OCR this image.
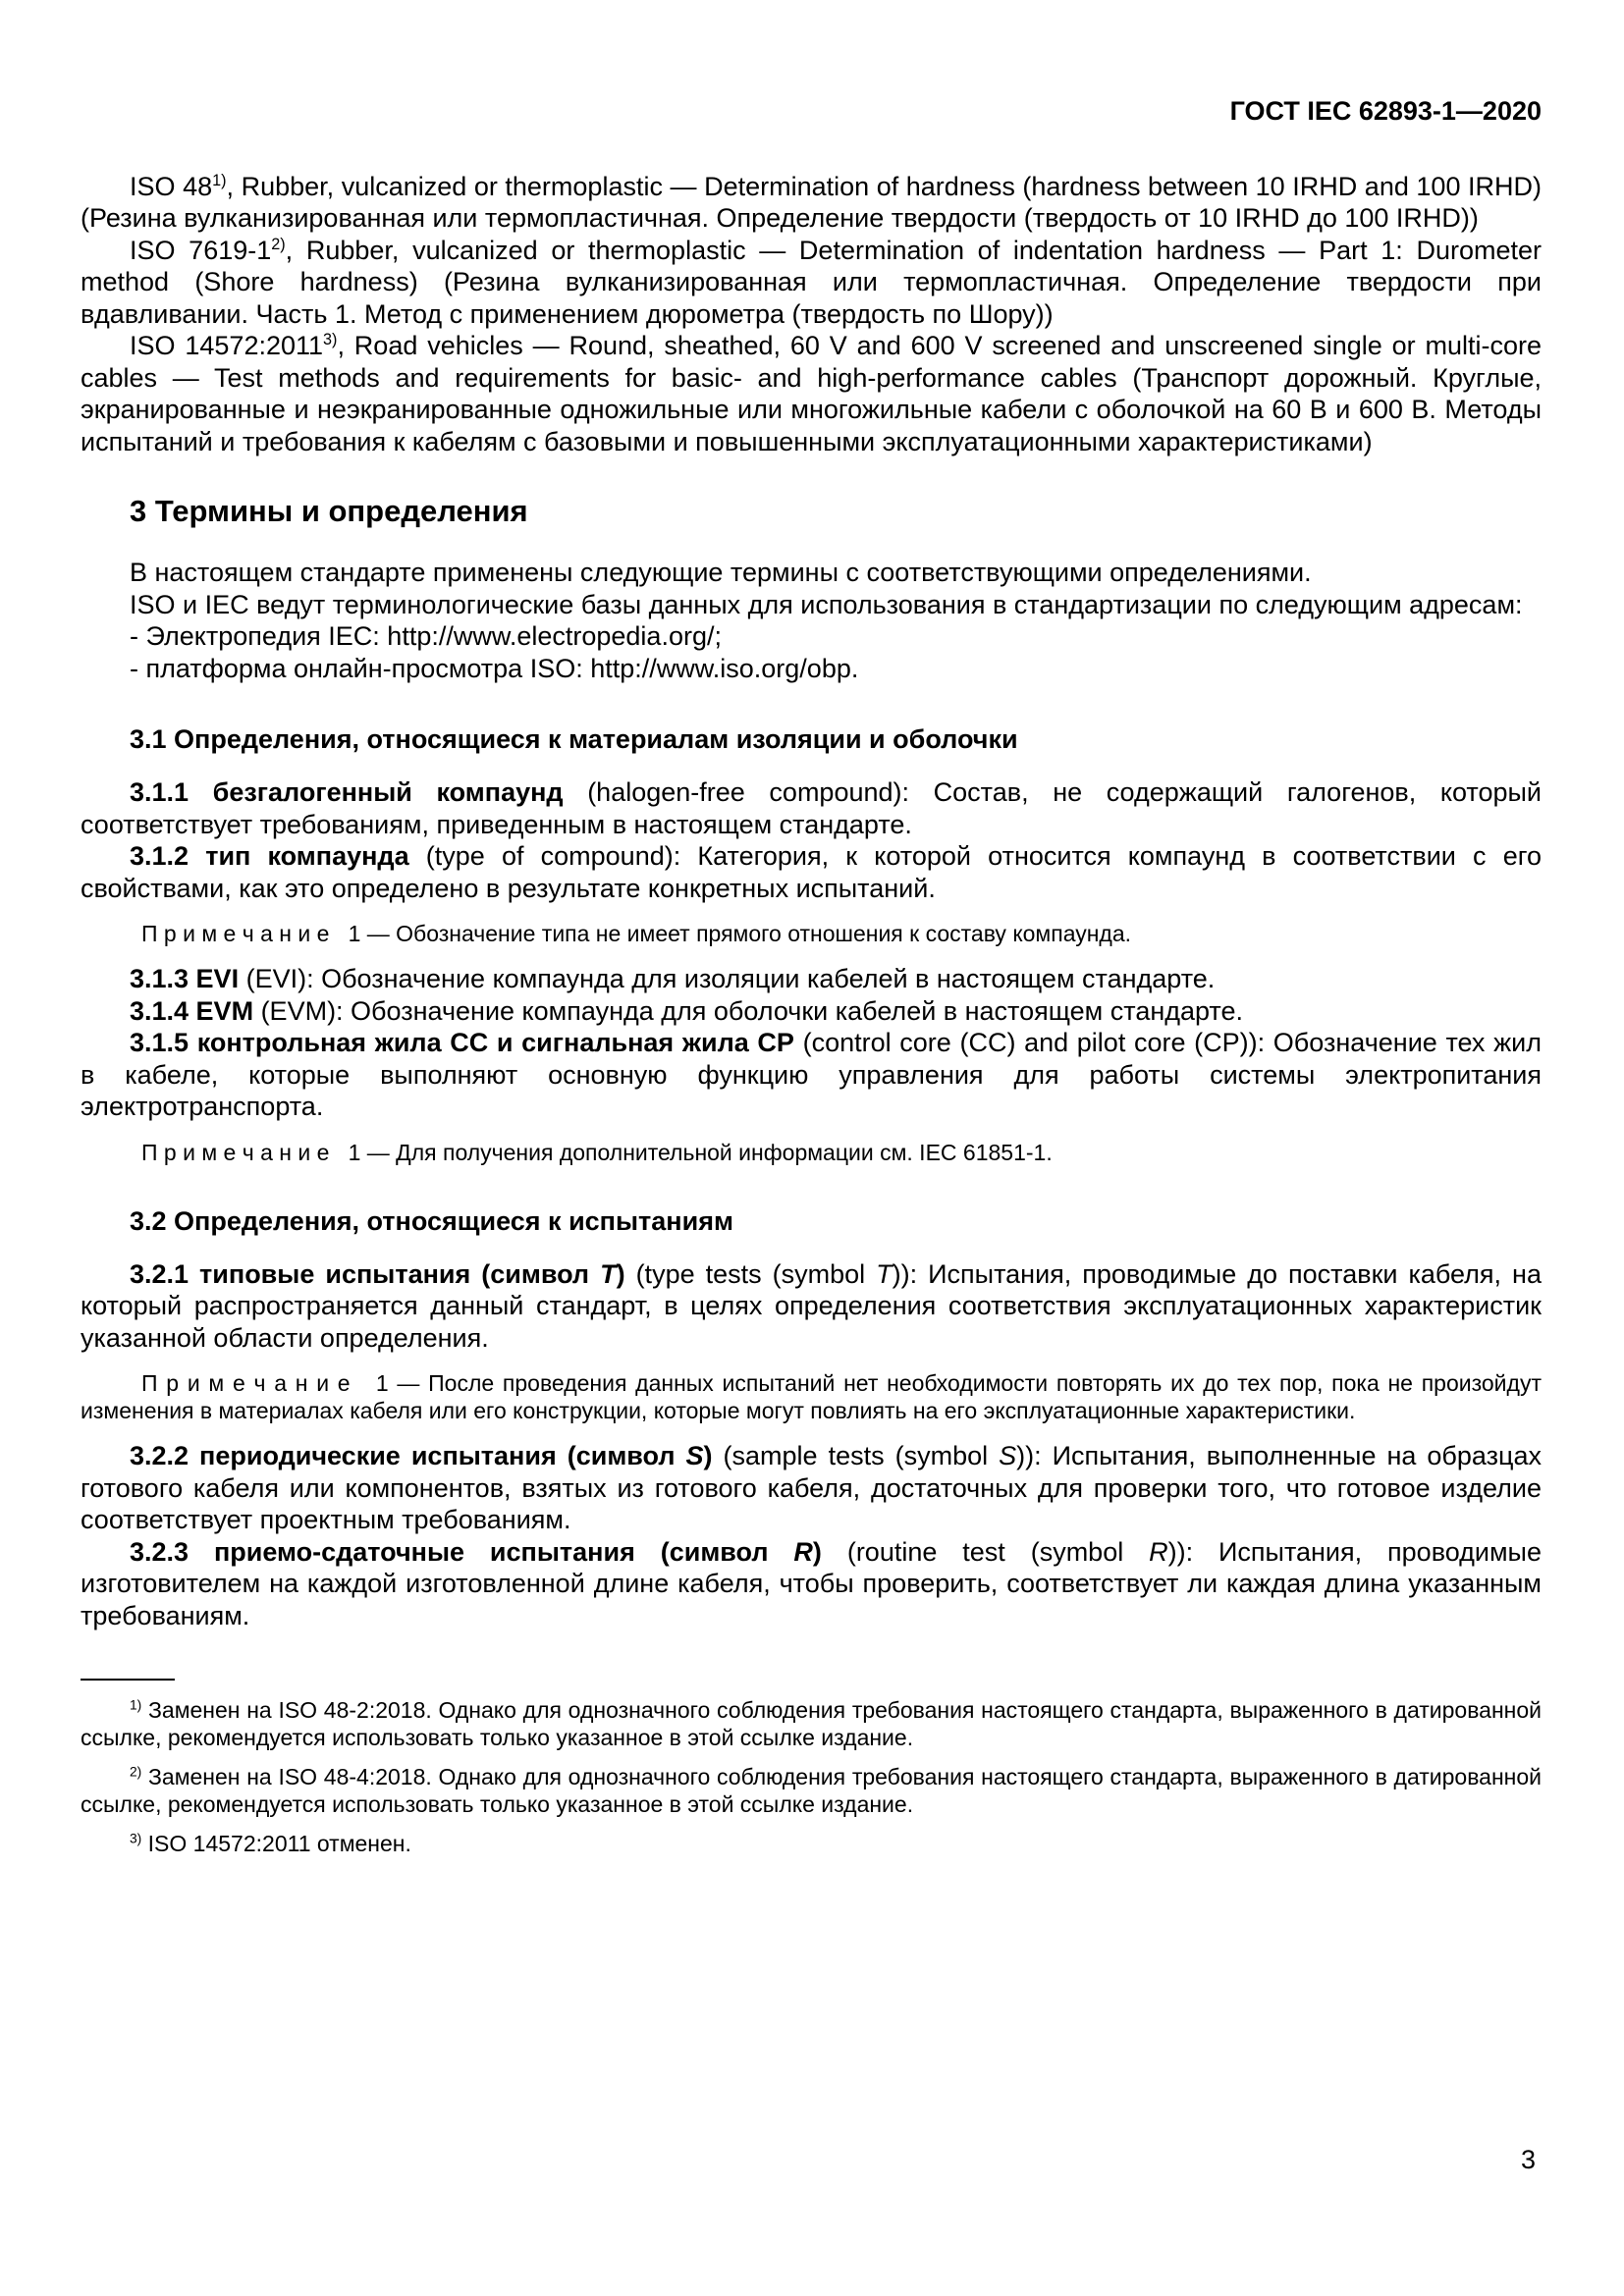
ГОСТ IEC 62893-1—2020

ISO 48$^{1)}$, Rubber, vulcanized or thermoplastic — Determination of hardness (hardness between 10 IRHD and 100 IRHD) (Резина вулканизированная или термопластичная. Определение твердости (твердость от 10 IRHD до 100 IRHD))

ISO 7619-1$^{2)}$, Rubber, vulcanized or thermoplastic — Determination of indentation hardness — Part 1: Durometer method (Shore hardness) (Резина вулканизированная или термопластичная. Определение твердости при вдавливании. Часть 1. Метод с применением дюрометра (твердость по Шору))

ISO 14572:2011$^{3)}$, Road vehicles — Round, sheathed, 60 V and 600 V screened and unscreened single or multi-core cables — Test methods and requirements for basic- and high-performance cables (Транспорт дорожный. Круглые, экранированные и неэкранированные одножильные или многожильные кабели с оболочкой на 60 В и 600 В. Методы испытаний и требования к кабелям с базовыми и повышенными эксплуатационными характеристиками)

3 Термины и определения

В настоящем стандарте применены следующие термины с соответствующими определениями.

ISO и IEC ведут терминологические базы данных для использования в стандартизации по следующим адресам:

- Электропедия IEC: http://www.electropedia.org/;

- платформа онлайн-просмотра ISO: http://www.iso.org/obp.

3.1 Определения, относящиеся к материалам изоляции и оболочки

3.1.1 безгалогенный компаунд (halogen-free compound): Состав, не содержащий галогенов, который соответствует требованиям, приведенным в настоящем стандарте.

3.1.2 тип компаунда (type of compound): Категория, к которой относится компаунд в соответствии с его свойствами, как это определено в результате конкретных испытаний.

П р и м е ч а н и е   1 — Обозначение типа не имеет прямого отношения к составу компаунда.

3.1.3 EVI (EVI): Обозначение компаунда для изоляции кабелей в настоящем стандарте.

3.1.4 EVM (EVM): Обозначение компаунда для оболочки кабелей в настоящем стандарте.

3.1.5 контрольная жила CC и сигнальная жила CP (control core (CC) and pilot core (CP)): Обозначение тех жил в кабеле, которые выполняют основную функцию управления для работы системы электропитания электротранспорта.

П р и м е ч а н и е   1 — Для получения дополнительной информации см. IEC 61851-1.

3.2 Определения, относящиеся к испытаниям

3.2.1 типовые испытания (символ T) (type tests (symbol T)): Испытания, проводимые до поставки кабеля, на который распространяется данный стандарт, в целях определения соответствия эксплуатационных характеристик указанной области определения.

П р и м е ч а н и е   1 — После проведения данных испытаний нет необходимости повторять их до тех пор, пока не произойдут изменения в материалах кабеля или его конструкции, которые могут повлиять на его эксплуатационные характеристики.

3.2.2 периодические испытания (символ S) (sample tests (symbol S)): Испытания, выполненные на образцах готового кабеля или компонентов, взятых из готового кабеля, достаточных для проверки того, что готовое изделие соответствует проектным требованиям.

3.2.3 приемо-сдаточные испытания (символ R) (routine test (symbol R)): Испытания, проводимые изготовителем на каждой изготовленной длине кабеля, чтобы проверить, соответствует ли каждая длина указанным требованиям.

$^{1)}$ Заменен на ISO 48-2:2018. Однако для однозначного соблюдения требования настоящего стандарта, выраженного в датированной ссылке, рекомендуется использовать только указанное в этой ссылке издание.

$^{2)}$ Заменен на ISO 48-4:2018. Однако для однозначного соблюдения требования настоящего стандарта, выраженного в датированной ссылке, рекомендуется использовать только указанное в этой ссылке издание.

$^{3)}$ ISO 14572:2011 отменен.

3
